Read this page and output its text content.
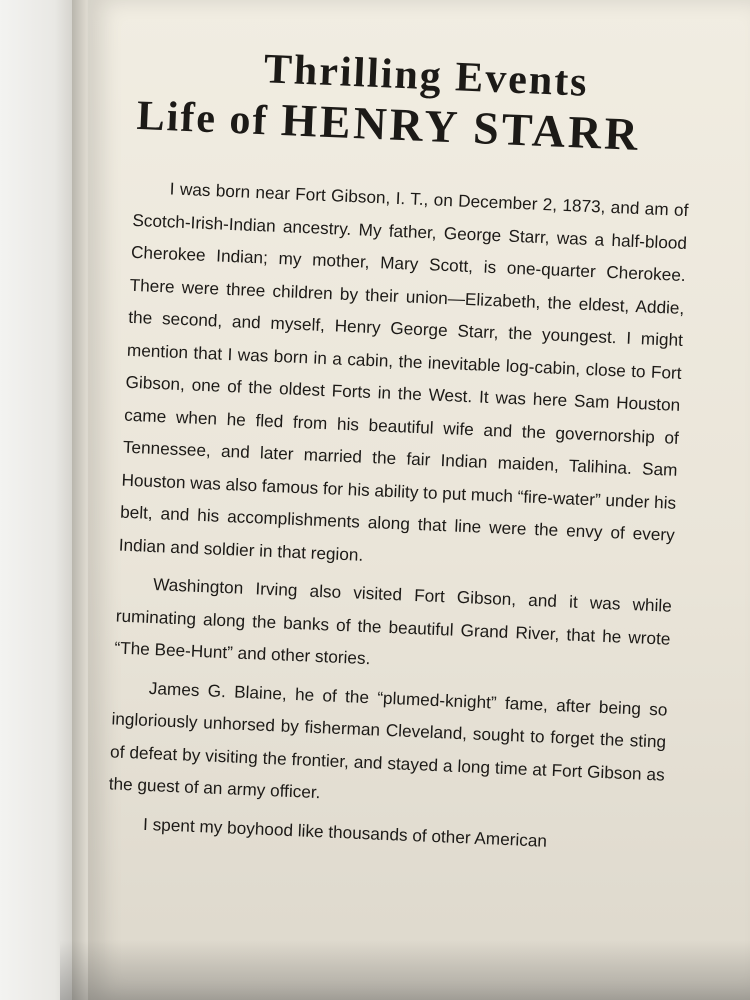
Thrilling Events
Life of HENRY STARR

I was born near Fort Gibson, I. T., on December 2, 1873, and am of Scotch-Irish-Indian ancestry. My father, George Starr, was a half-blood Cherokee Indian; my mother, Mary Scott, is one-quarter Cherokee. There were three children by their union—Elizabeth, the eldest, Addie, the second, and myself, Henry George Starr, the youngest. I might mention that I was born in a cabin, the inevitable log-cabin, close to Fort Gibson, one of the oldest Forts in the West. It was here Sam Houston came when he fled from his beautiful wife and the governorship of Tennessee, and later married the fair Indian maiden, Talihina. Sam Houston was also famous for his ability to put much “fire-water” under his belt, and his accomplishments along that line were the envy of every Indian and soldier in that region.

Washington Irving also visited Fort Gibson, and it was while ruminating along the banks of the beautiful Grand River, that he wrote “The Bee-Hunt” and other stories.

James G. Blaine, he of the “plumed-knight” fame, after being so ingloriously unhorsed by fisherman Cleveland, sought to forget the sting of defeat by visiting the frontier, and stayed a long time at Fort Gibson as the guest of an army officer.

I spent my boyhood like thousands of other American
